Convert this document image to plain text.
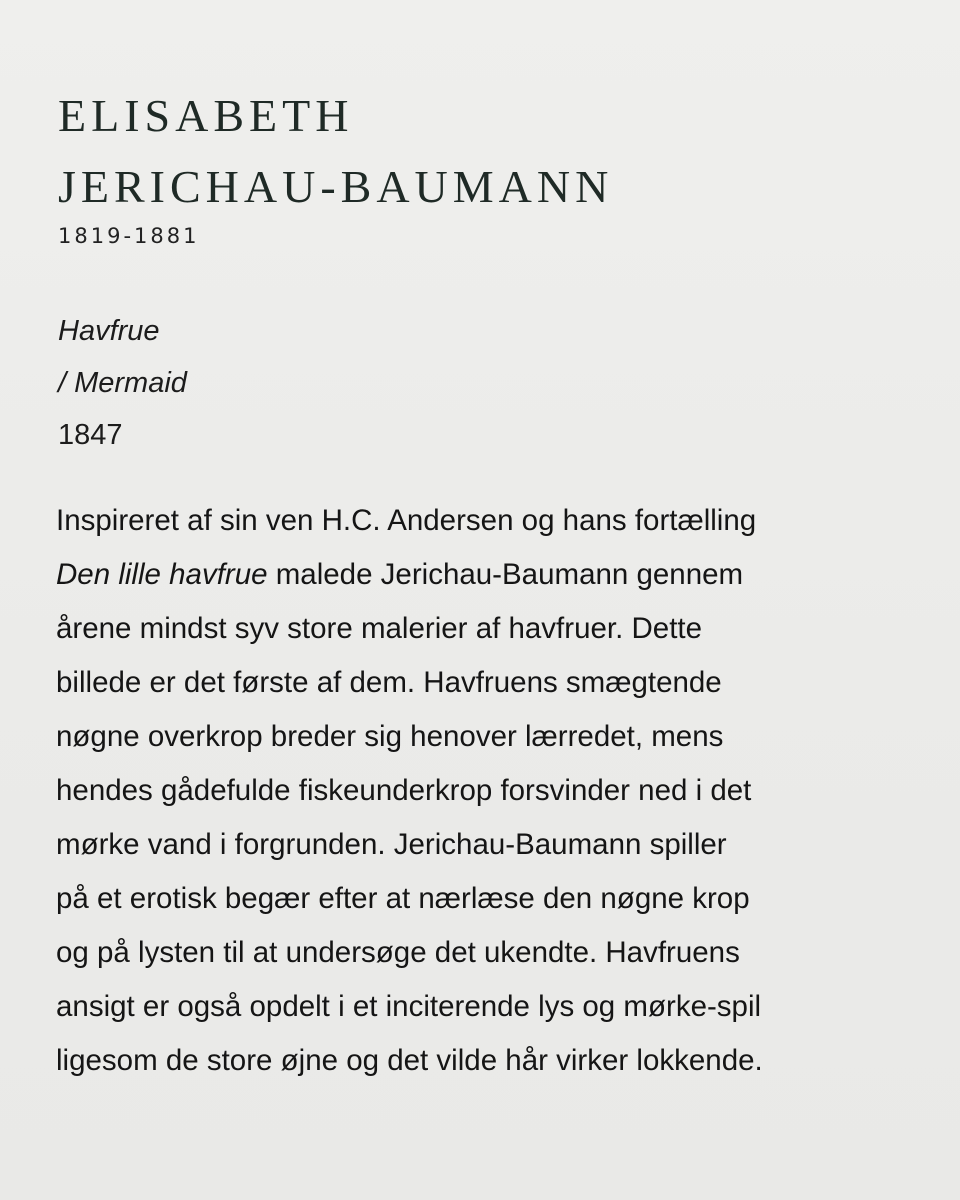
ELISABETH
JERICHAU-BAUMANN
1819-1881
Havfrue
/ Mermaid
1847
Inspireret af sin ven H.C. Andersen og hans fortælling
Den lille havfrue malede Jerichau-Baumann gennem
årene mindst syv store malerier af havfruer. Dette
billede er det første af dem. Havfruens smægtende
nøgne overkrop breder sig henover lærredet, mens
hendes gådefulde fiskeunderkrop forsvinder ned i det
mørke vand i forgrunden. Jerichau-Baumann spiller
på et erotisk begær efter at nærlæse den nøgne krop
og på lysten til at undersøge det ukendte. Havfruens
ansigt er også opdelt i et inciterende lys og mørke-spil
ligesom de store øjne og det vilde hår virker lokkende.
